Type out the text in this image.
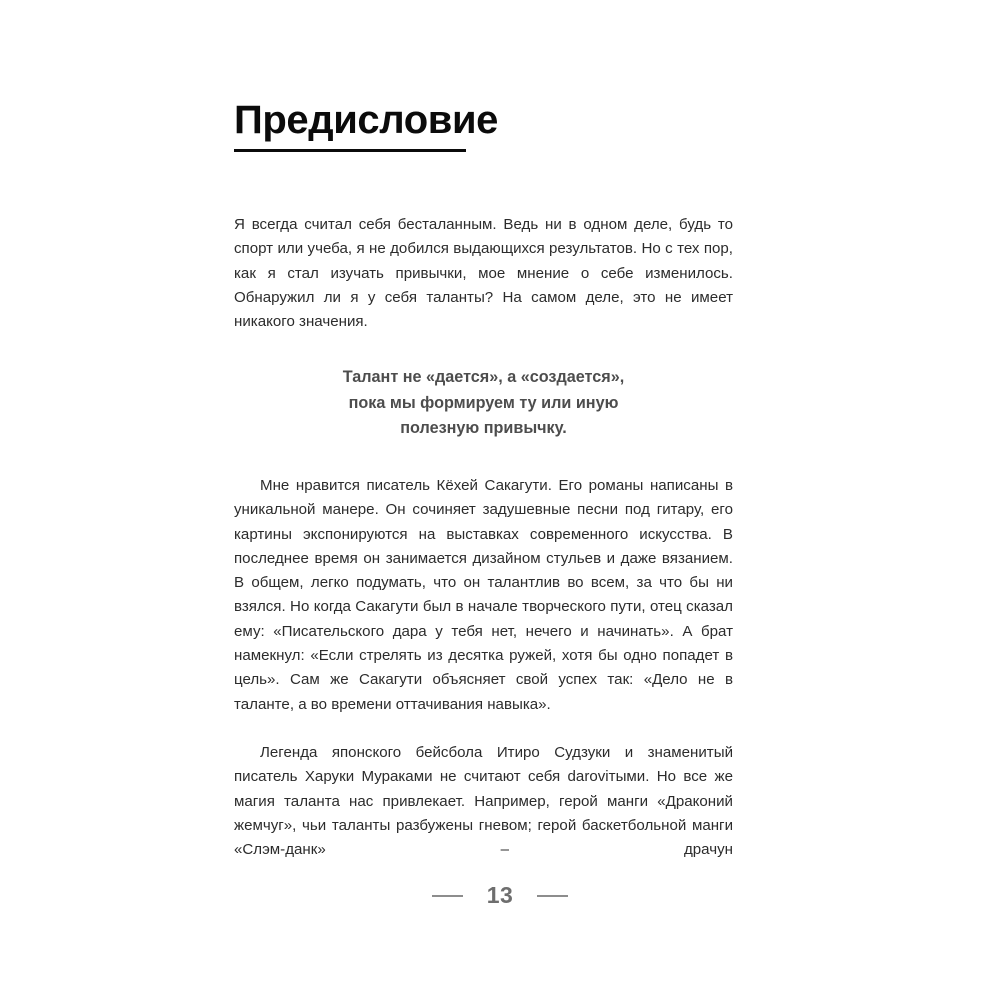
Предисловие

Я всегда считал себя бесталанным. Ведь ни в одном деле, будь то спорт или учеба, я не добился выдающихся результатов. Но с тех пор, как я стал изучать привычки, мое мнение о себе изменилось. Обнаружил ли я у себя таланты? На самом деле, это не имеет никакого значения.

Талант не «дается», а «создается»,

пока мы формируем ту или иную

полезную привычку.

Мне нравится писатель Кёхей Сакагути. Его романы написаны в уникальной манере. Он сочиняет задушевные песни под гитару, его картины экспонируются на выставках современного искусства. В последнее время он занимается дизайном стульев и даже вязанием. В общем, легко подумать, что он талантлив во всем, за что бы ни взялся. Но когда Сакагути был в начале творческого пути, отец сказал ему: «Писательского дара у тебя нет, нечего и начинать». А брат намекнул: «Если стрелять из десятка ружей, хотя бы одно попадет в цель». Сам же Сакагути объясняет свой успех так: «Дело не в таланте, а во времени оттачивания навыка».

Легенда японского бейсбола Итиро Судзуки и знаменитый писатель Харуки Мураками не считают себя daroviтыми. Но все же магия таланта нас привлекает. Например, герой манги «Драконий жемчуг», чьи таланты разбужены гневом; герой баскетбольной манги «Слэм-данк» – драчун

13
